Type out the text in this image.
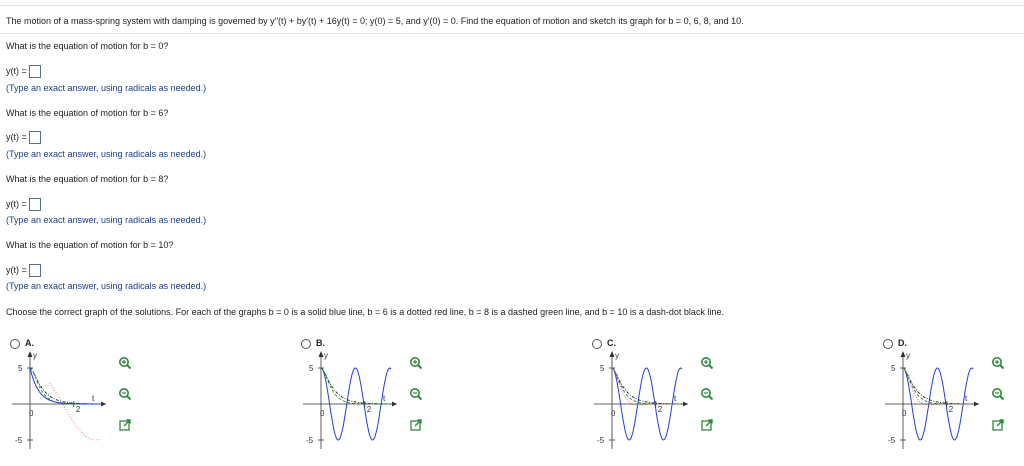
The motion of a mass-spring system with damping is governed by y′′(t) + by′(t) + 16y(t) = 0; y(0) = 5, and y′(0) = 0. Find the equation of motion and sketch its graph for b = 0, 6, 8, and 10.
What is the equation of motion for b = 0?
y(t) =
(Type an exact answer, using radicals as needed.)
What is the equation of motion for b = 6?
y(t) =
(Type an exact answer, using radicals as needed.)
What is the equation of motion for b = 8?
y(t) =
(Type an exact answer, using radicals as needed.)
What is the equation of motion for b = 10?
y(t) =
(Type an exact answer, using radicals as needed.)
Choose the correct graph of the solutions. For each of the graphs b = 0 is a solid blue line, b = 6 is a dotted red line, b = 8 is a dashed green line, and b = 10 is a dash-dot black line.
A.
y
t
5
-5
0	2
B.
y
t
5
-5
0	2
C.
y
t
5
-5
0	2
D.
y
t
5
-5
0	2
